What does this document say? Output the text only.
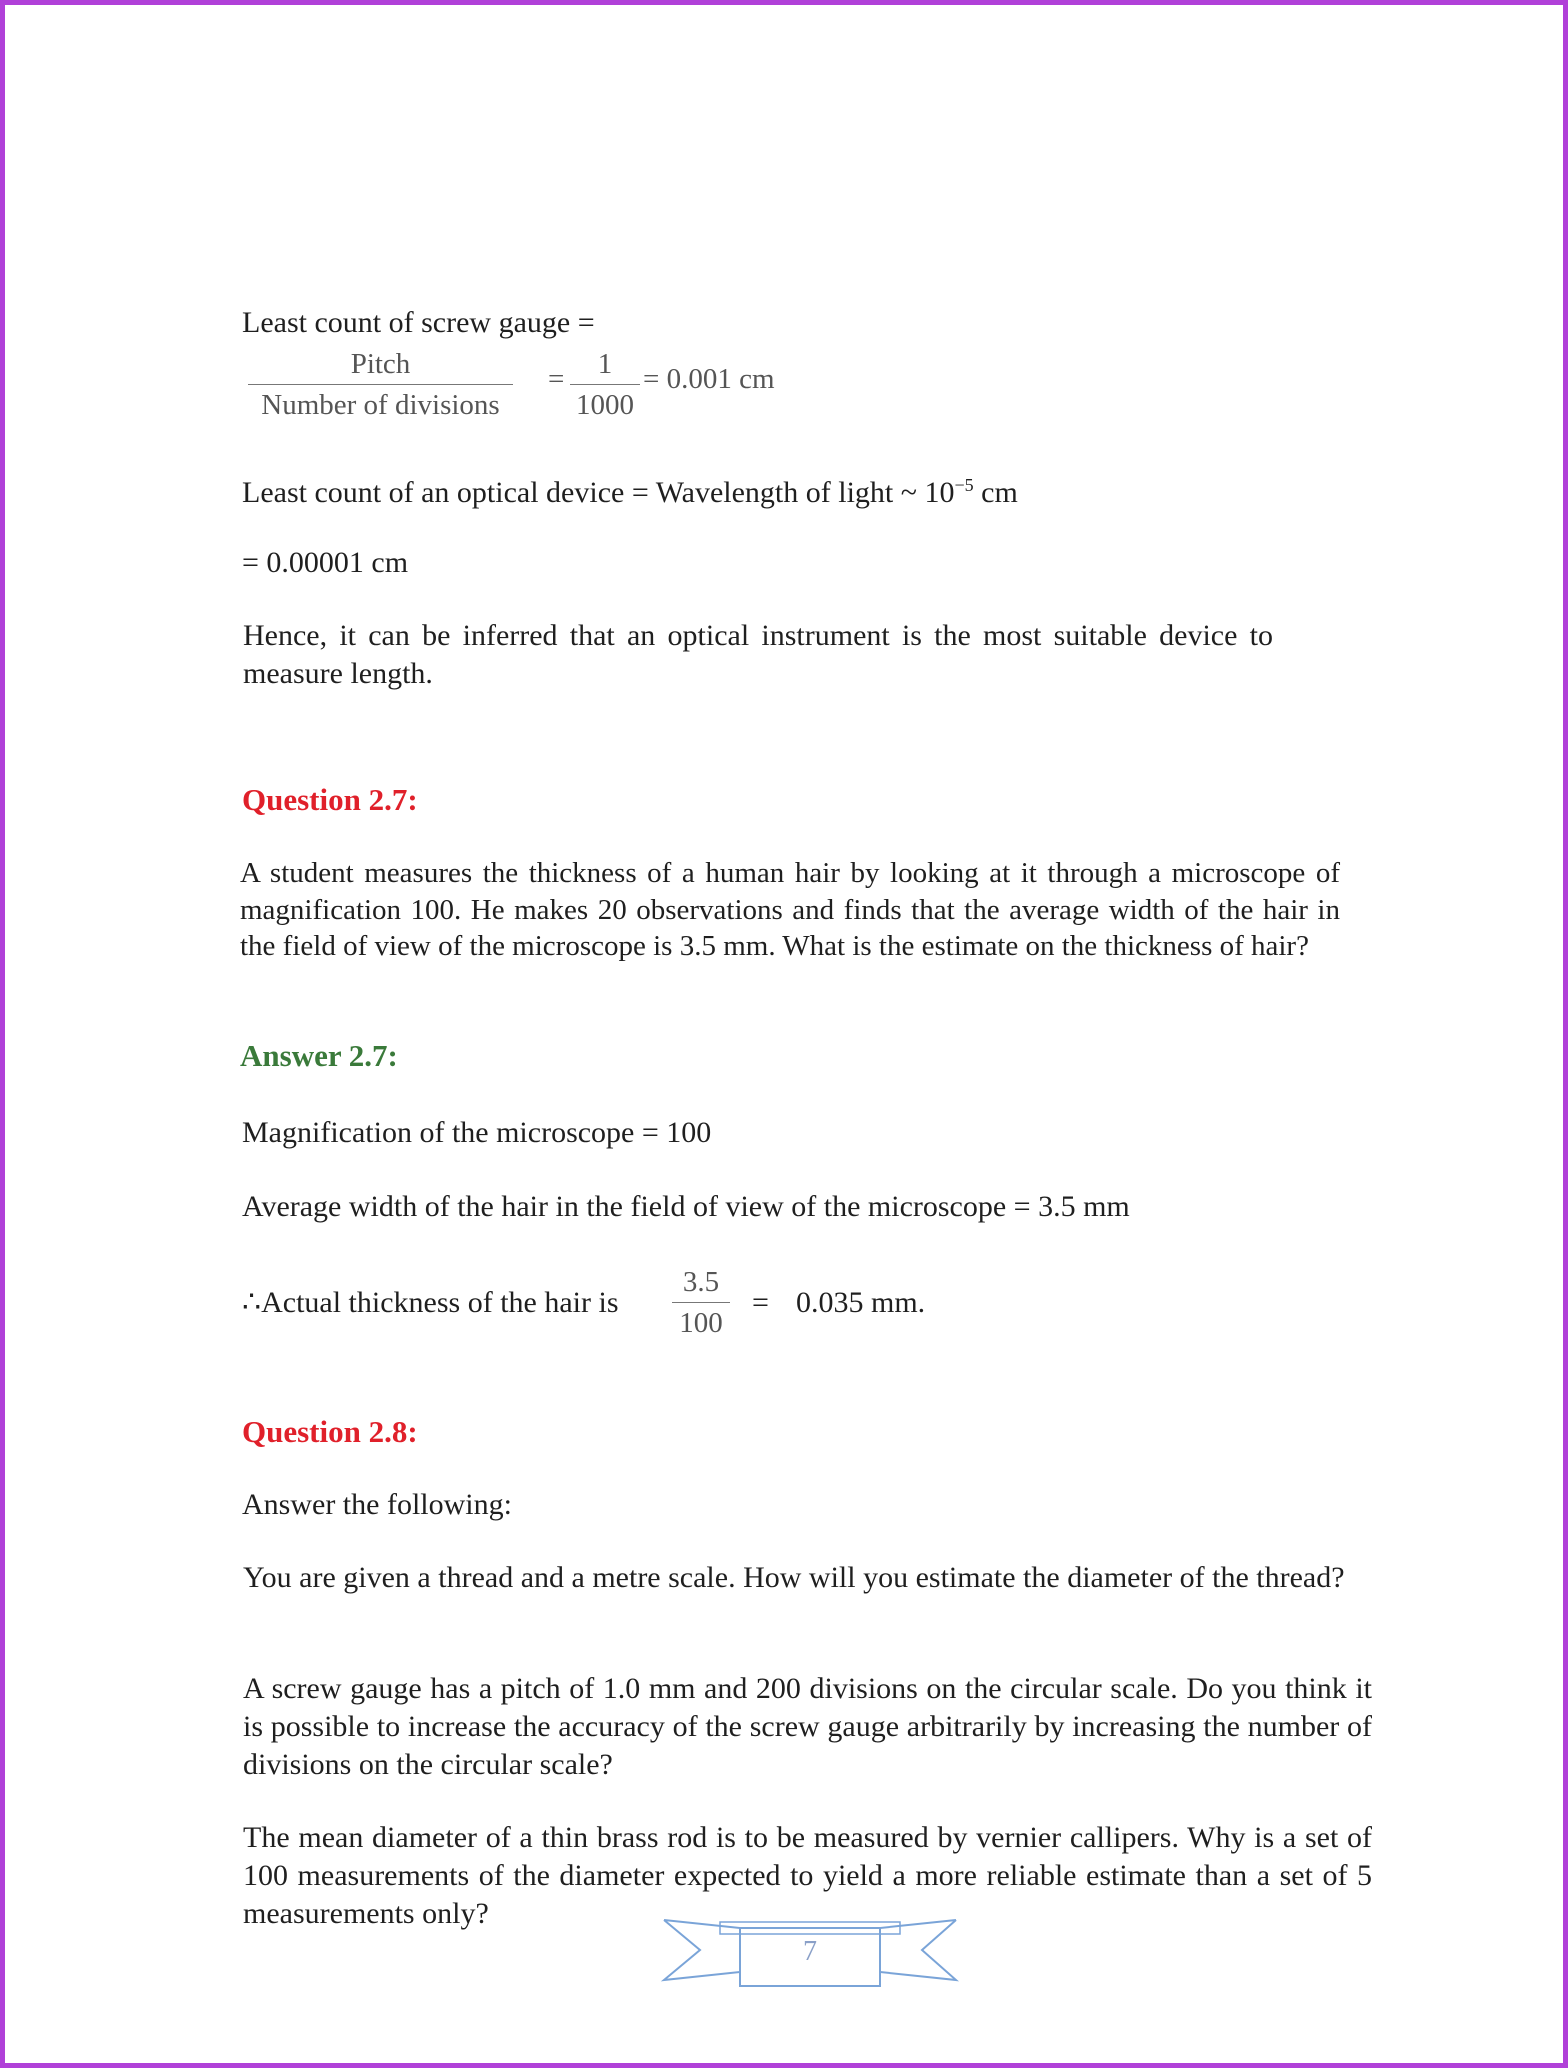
Least count of screw gauge =

Pitch
Number of divisions
=	1
1000
= 0.001 cm

Least count of an optical device = Wavelength of light ~ $10^{-5}$ cm

= 0.00001 cm

Hence, it can be inferred that an optical instrument is the most suitable device to measure length.

Question 2.7:

A student measures the thickness of a human hair by looking at it through a microscope of magnification 100. He makes 20 observations and finds that the average width of the hair in the field of view of the microscope is 3.5 mm. What is the estimate on the thickness of hair?

Answer 2.7:

Magnification of the microscope = 100

Average width of the hair in the field of view of the microscope = 3.5 mm

∴Actual thickness of the hair is

3.5
100

= 0.035 mm.

Question 2.8:

Answer the following:

You are given a thread and a metre scale. How will you estimate the diameter of the thread?

A screw gauge has a pitch of 1.0 mm and 200 divisions on the circular scale. Do you think it is possible to increase the accuracy of the screw gauge arbitrarily by increasing the number of divisions on the circular scale?

The mean diameter of a thin brass rod is to be measured by vernier callipers. Why is a set of 100 measurements of the diameter expected to yield a more reliable estimate than a set of 5 measurements only?

7
